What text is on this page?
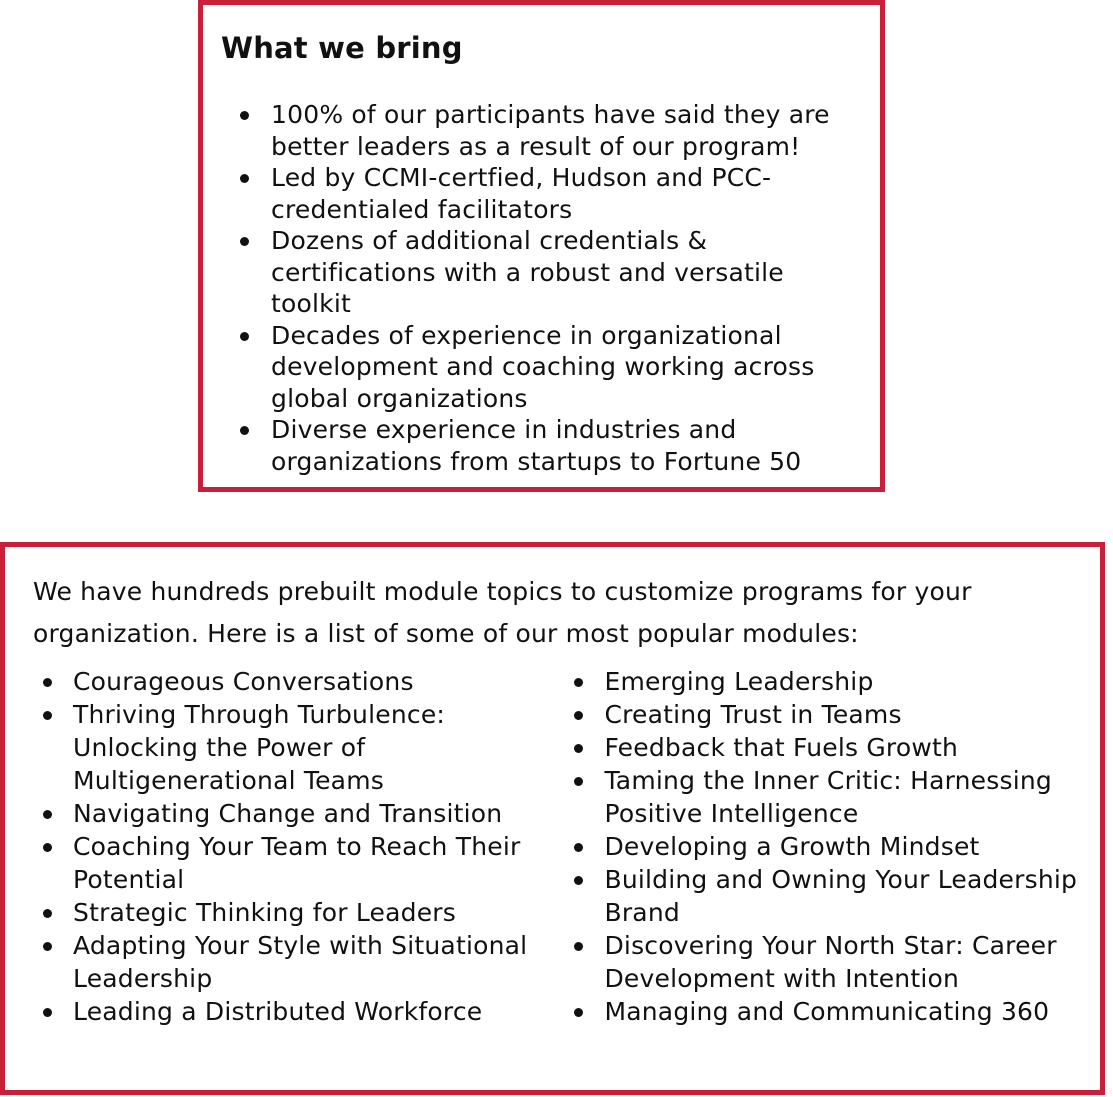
What we bring
100% of our participants have said they are better leaders as a result of our program!
Led by CCMI-certfied, Hudson and PCC-credentialed facilitators
Dozens of additional credentials & certifications with a robust and versatile toolkit
Decades of experience in organizational development and coaching working across global organizations
Diverse experience in industries and organizations from startups to Fortune 50

We have hundreds prebuilt module topics to customize programs for your organization. Here is a list of some of our most popular modules:

Courageous Conversations
Thriving Through Turbulence: Unlocking the Power of Multigenerational Teams
Navigating Change and Transition
Coaching Your Team to Reach Their Potential
Strategic Thinking for Leaders
Adapting Your Style with Situational Leadership
Leading a Distributed Workforce
Emerging Leadership
Creating Trust in Teams
Feedback that Fuels Growth
Taming the Inner Critic: Harnessing Positive Intelligence
Developing a Growth Mindset
Building and Owning Your Leadership Brand
Discovering Your North Star: Career Development with Intention
Managing and Communicating 360
